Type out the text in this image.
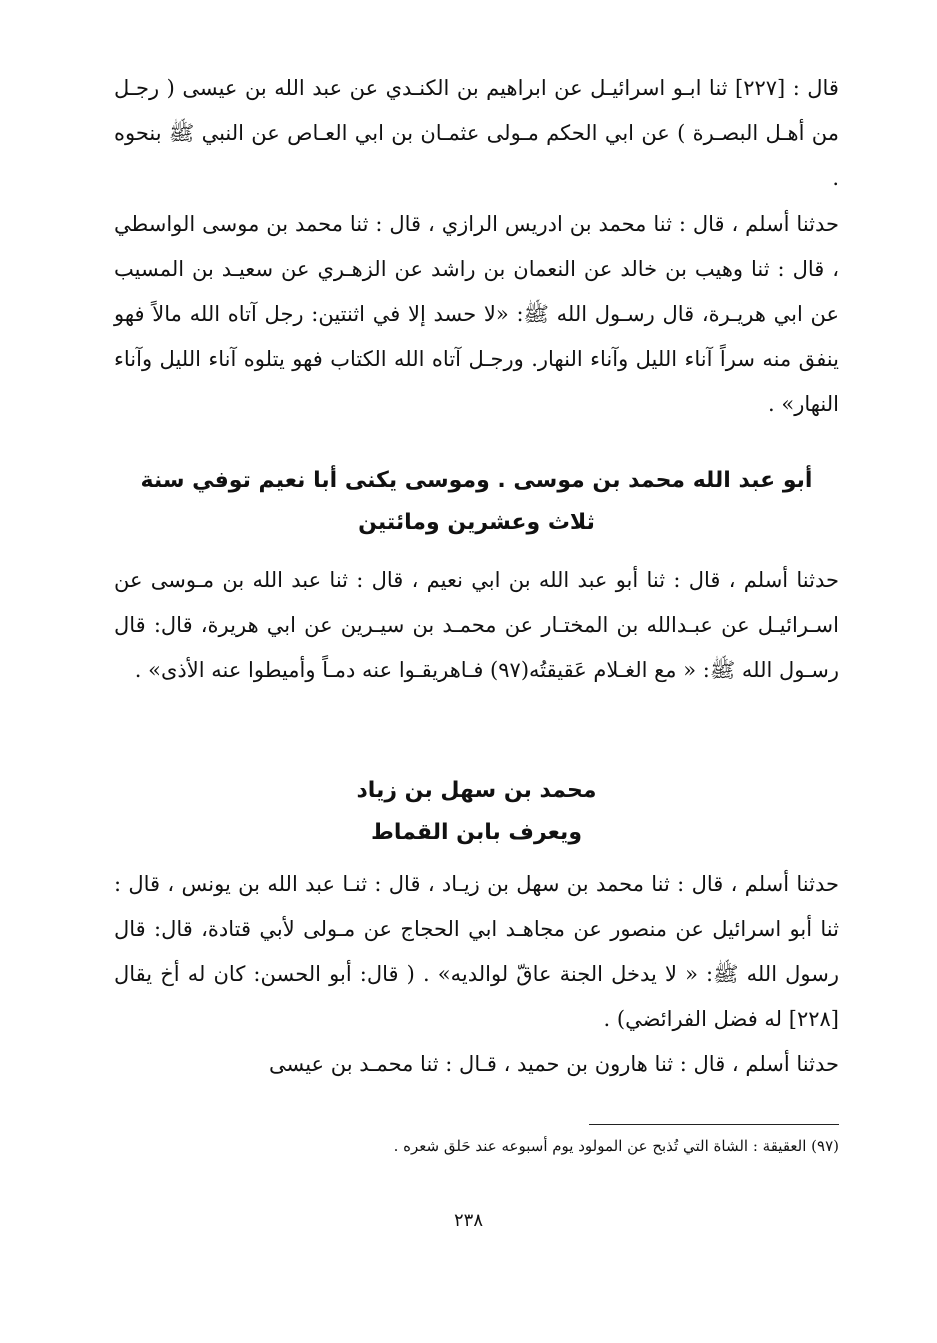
قال : [٢٢٧] ثنا ابـو اسرائيـل عن ابراهيم بن الكنـدي عن عبد الله بن عيسى ( رجـل من أهـل البصـرة ) عن ابي الحكم مـولى عثمـان بن ابي العـاص عن النبي ﷺ بنحوه .

حدثنا أسلم ، قال : ثنا محمد بن ادريس الرازي ، قال : ثنا محمد بن موسى الواسطي ، قال : ثنا وهيب بن خالد عن النعمان بن راشد عن الزهـري عن سعيـد بن المسيب عن ابي هريـرة، قال رسـول الله ﷺ: «لا حسد إلا في اثنتين: رجل آتاه الله مالاً فهو ينفق منه سراً آناء الليل وآناء النهار. ورجـل آتاه الله الكتاب فهو يتلوه آناء الليل وآناء النهار» .

أبو عبد الله محمد بن موسى . وموسى يكنى أبا نعيم توفي سنة ثلاث وعشرين ومائتين

حدثنا أسلم ، قال : ثنا أبو عبد الله بن ابي نعيم ، قال : ثنا عبد الله بن مـوسى عن اسـرائيـل عن عبـدالله بن المختـار عن محمـد بن سيـرين عن ابي هريرة، قال: قال رسـول الله ﷺ: « مع الغـلام عَقيقتُه(٩٧) فـاهريقـوا عنه دمـاً وأميطوا عنه الأذى» .

محمد بن سهل بن زياد
ويعرف بابن القماط

حدثنا أسلم ، قال : ثنا محمد بن سهل بن زيـاد ، قال : ثنـا عبد الله بن يونس ، قال : ثنا أبو اسرائيل عن منصور عن مجاهـد ابي الحجاج عن مـولى لأبي قتادة، قال: قال رسول الله ﷺ: « لا يدخل الجنة عاقّ لوالديه» . ( قال: أبو الحسن: كان له أخ يقال [٢٢٨] له فضل الفرائضي) .

حدثنا أسلم ، قال : ثنا هارون بن حميد ، قـال : ثنا محمـد بن عيسى

(٩٧) العقيقة : الشاة التي تُذبح عن المولود يوم أسبوعه عند حَلق شعره .

٢٣٨
